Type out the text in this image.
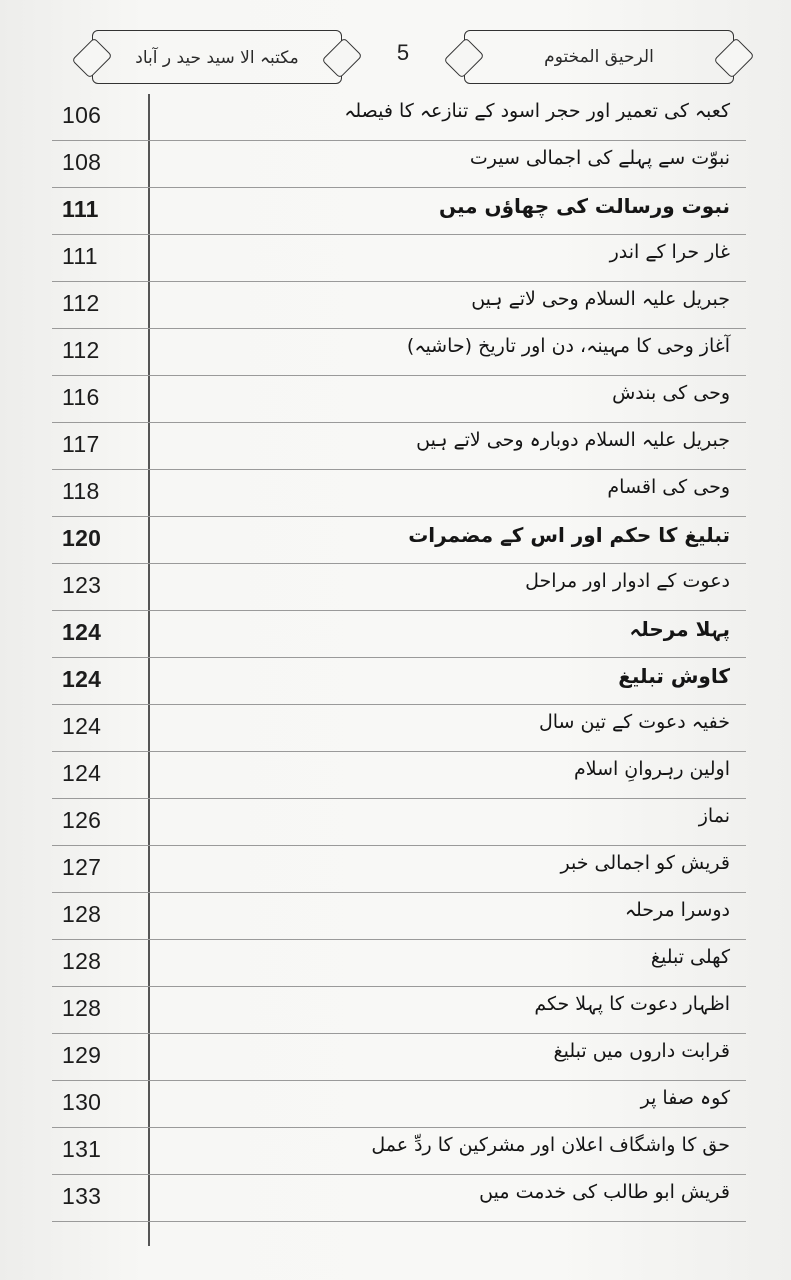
مکتبہ الا سید حید ر آباد	5	الرحیق المختوم
106	کعبہ کی تعمیر اور حجر اسود کے تنازعہ کا فیصلہ
108	نبوّت سے پہلے کی اجمالی سیرت
111	نبوت ورسالت کی چھاؤں میں
111	غار حرا کے اندر
112	جبریل علیہ السلام وحی لاتے ہیں
112	آغاز وحی کا مہینہ، دن اور تاریخ (حاشیہ)
116	وحی کی بندش
117	جبریل علیہ السلام دوبارہ وحی لاتے ہیں
118	وحی کی اقسام
120	تبلیغ کا حکم اور اس کے مضمرات
123	دعوت کے ادوار اور مراحل
124	پہلا مرحلہ
124	کاوش تبلیغ
124	خفیہ دعوت کے تین سال
124	اولین رہروانِ اسلام
126	نماز
127	قریش کو اجمالی خبر
128	دوسرا مرحلہ
128	کھلی تبلیغ
128	اظہار دعوت کا پہلا حکم
129	قرابت داروں میں تبلیغ
130	کوہ صفا پر
131	حق کا واشگاف اعلان اور مشرکین کا ردِّ عمل
133	قریش ابو طالب کی خدمت میں
